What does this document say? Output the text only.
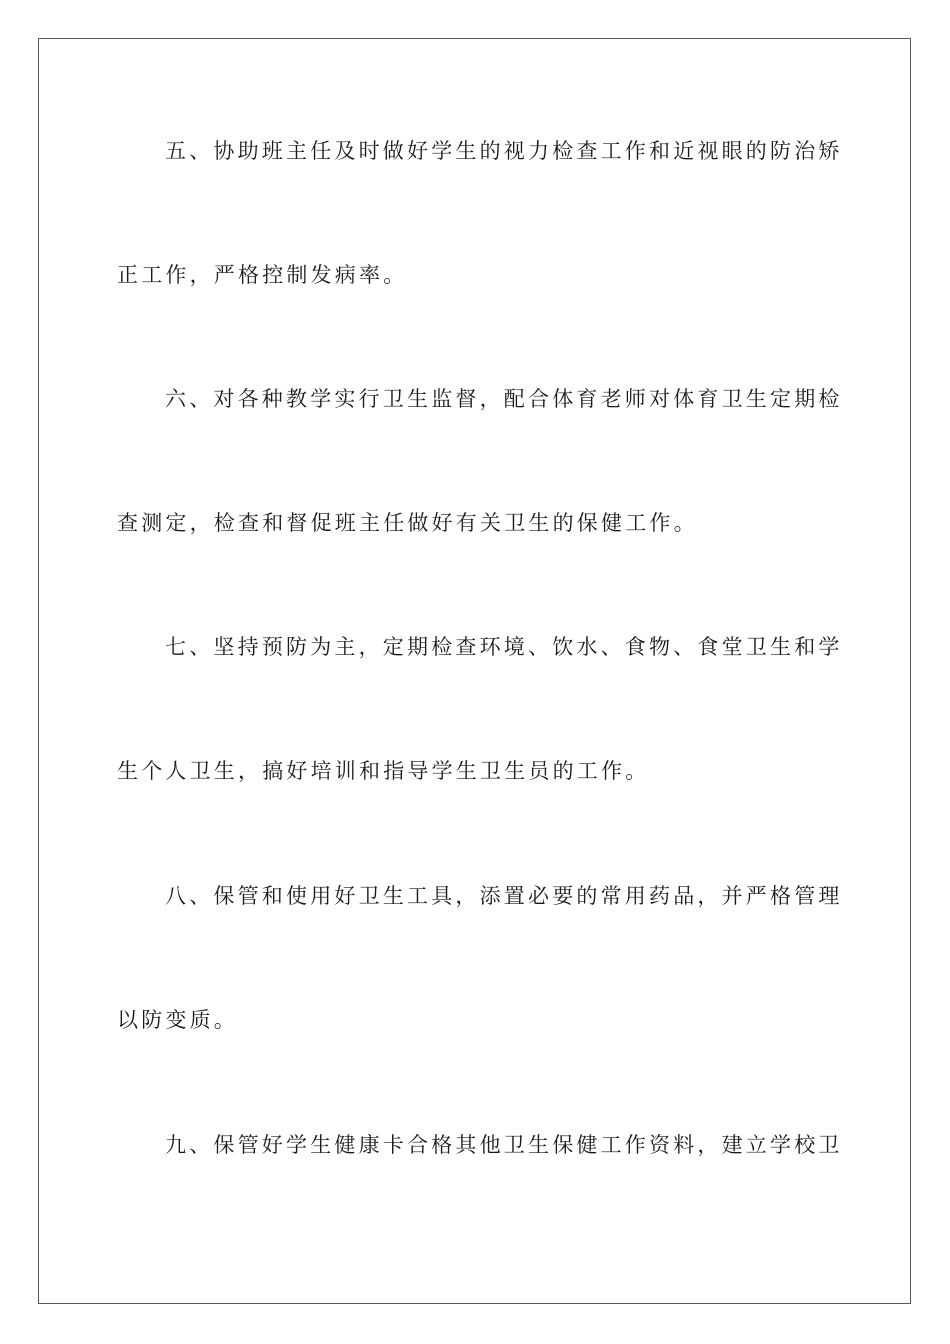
五、协助班主任及时做好学生的视力检查工作和近视眼的防治矫
正工作，严格控制发病率。
六、对各种教学实行卫生监督，配合体育老师对体育卫生定期检
查测定，检查和督促班主任做好有关卫生的保健工作。
七、坚持预防为主，定期检查环境、饮水、食物、食堂卫生和学
生个人卫生，搞好培训和指导学生卫生员的工作。
八、保管和使用好卫生工具，添置必要的常用药品，并严格管理
以防变质。
九、保管好学生健康卡合格其他卫生保健工作资料，建立学校卫
